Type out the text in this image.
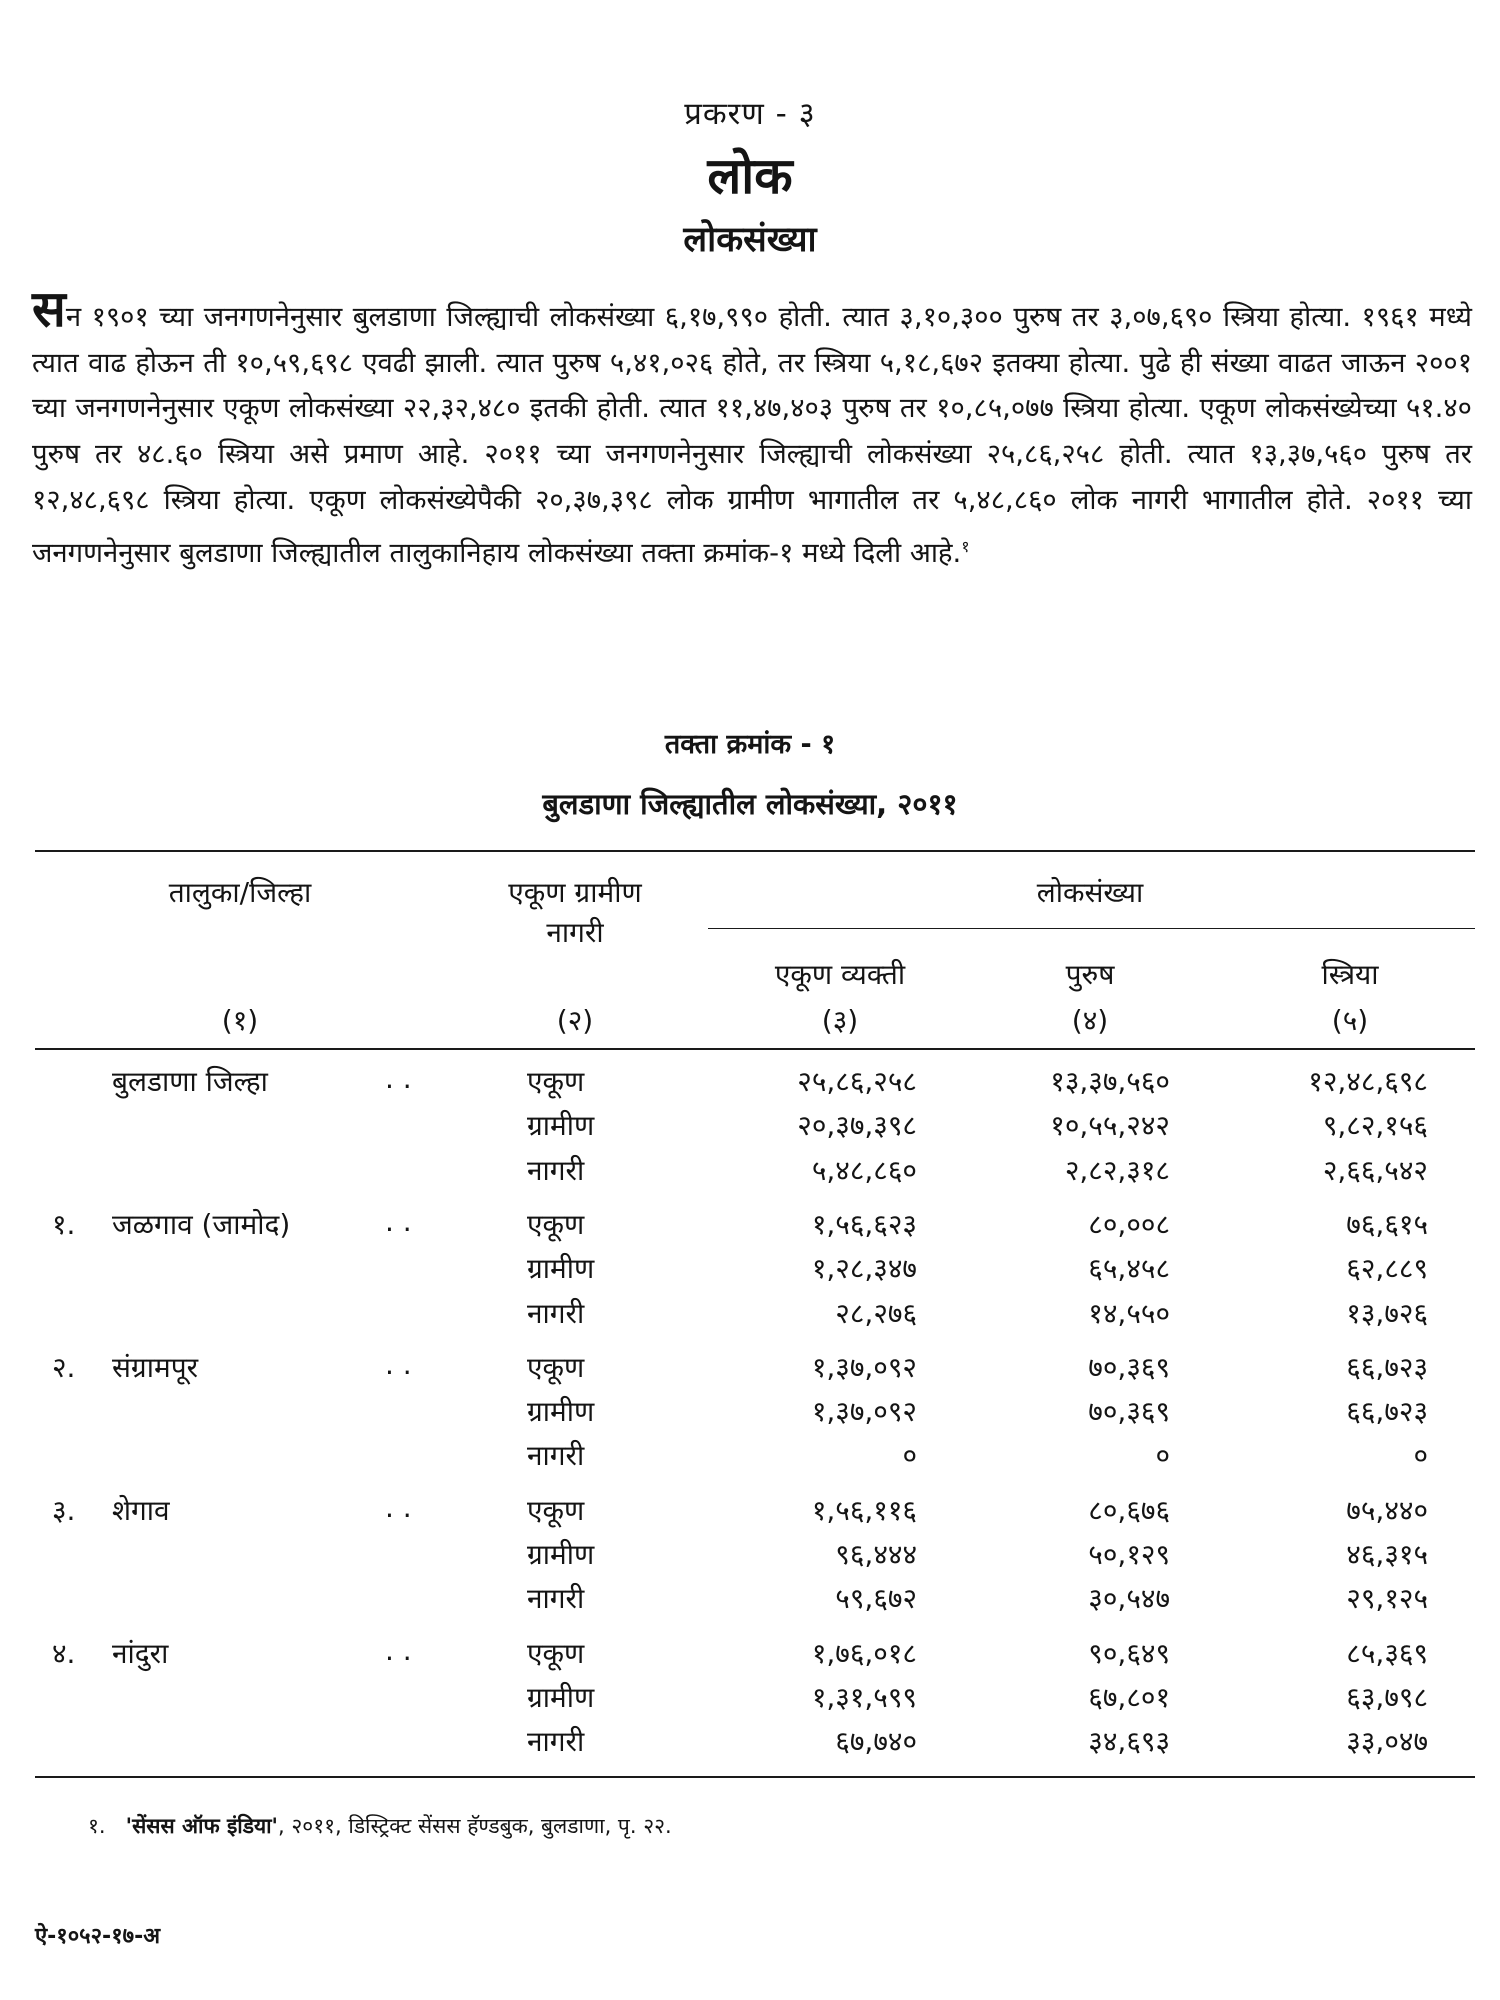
प्रकरण - ३
लोक
लोकसंख्या

सन १९०१ च्या जनगणनेनुसार बुलडाणा जिल्ह्याची लोकसंख्या ६,१७,९९० होती. त्यात ३,१०,३०० पुरुष तर ३,०७,६९० स्त्रिया होत्या. १९६१ मध्ये त्यात वाढ होऊन ती १०,५९,६९८ एवढी झाली. त्यात पुरुष ५,४१,०२६ होते, तर स्त्रिया ५,१८,६७२ इतक्या होत्या. पुढे ही संख्या वाढत जाऊन २००१ च्या जनगणनेनुसार एकूण लोकसंख्या २२,३२,४८० इतकी होती. त्यात ११,४७,४०३ पुरुष तर १०,८५,०७७ स्त्रिया होत्या. एकूण लोकसंख्येच्या ५१.४० पुरुष तर ४८.६० स्त्रिया असे प्रमाण आहे. २०११ च्या जनगणनेनुसार जिल्ह्याची लोकसंख्या २५,८६,२५८ होती. त्यात १३,३७,५६० पुरुष तर १२,४८,६९८ स्त्रिया होत्या. एकूण लोकसंख्येपैकी २०,३७,३९८ लोक ग्रामीण भागातील तर ५,४८,८६० लोक नागरी भागातील होते. २०११ च्या जनगणनेनुसार बुलडाणा जिल्ह्यातील तालुकानिहाय लोकसंख्या तक्ता क्रमांक-१ मध्ये दिली आहे.$^१$

तक्ता क्रमांक - १
बुलडाणा जिल्ह्यातील लोकसंख्या, २०११
तालुका/जिल्हा	एकूण ग्रामीण
नागरी
लोकसंख्या
एकूण व्यक्ती	पुरुष	स्त्रिया
(१)	(२)	(३)	(४)	(५)
बुलडाणा जिल्हा	. .	एकूण	२५,८६,२५८	१३,३७,५६०	१२,४८,६९८
ग्रामीण	२०,३७,३९८	१०,५५,२४२	९,८२,१५६
नागरी	५,४८,८६०	२,८२,३१८	२,६६,५४२
१. जळगाव (जामोद)	. .	एकूण	१,५६,६२३	८०,००८	७६,६१५
ग्रामीण	१,२८,३४७	६५,४५८	६२,८८९
नागरी	२८,२७६	१४,५५०	१३,७२६
२. संग्रामपूर	. .	एकूण	१,३७,०९२	७०,३६९	६६,७२३
ग्रामीण	१,३७,०९२	७०,३६९	६६,७२३
नागरी	०	०	०
३. शेगाव	. .	एकूण	१,५६,११६	८०,६७६	७५,४४०
ग्रामीण	९६,४४४	५०,१२९	४६,३१५
नागरी	५९,६७२	३०,५४७	२९,१२५
४. नांदुरा	. .	एकूण	१,७६,०१८	९०,६४९	८५,३६९
ग्रामीण	१,३१,५९९	६७,८०१	६३,७९८
नागरी	६७,७४०	३४,६९३	३३,०४७
१. 'सेंसस ऑफ इंडिया', २०११, डिस्ट्रिक्ट सेंसस हॅण्डबुक, बुलडाणा, पृ. २२.
ऐ-१०५२-१७-अ
